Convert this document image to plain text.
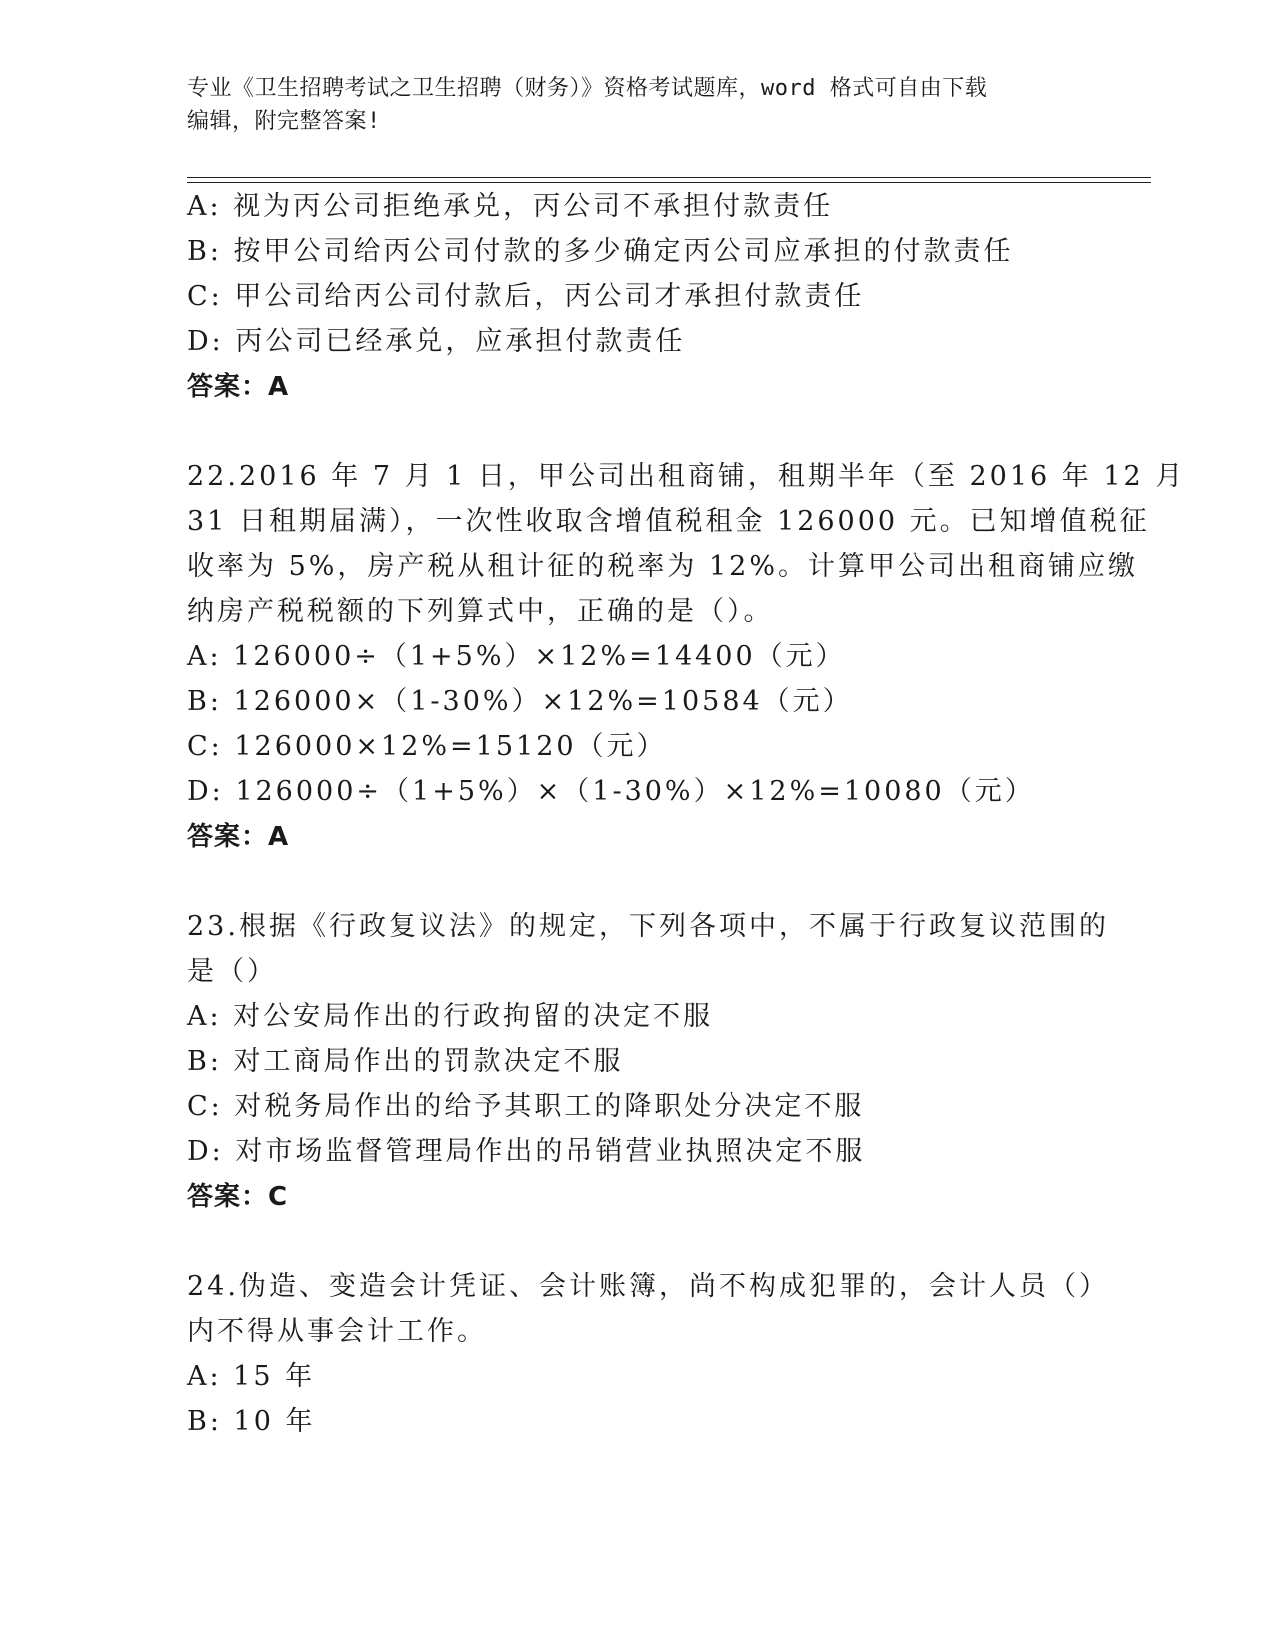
专业《卫生招聘考试之卫生招聘（财务）》资格考试题库，word 格式可自由下载
编辑，附完整答案!
A: 视为丙公司拒绝承兑，丙公司不承担付款责任
B: 按甲公司给丙公司付款的多少确定丙公司应承担的付款责任
C: 甲公司给丙公司付款后，丙公司才承担付款责任
D: 丙公司已经承兑，应承担付款责任
答案：A
22.2016 年 7 月 1 日，甲公司出租商铺，租期半年（至 2016 年 12 月
31 日租期届满），一次性收取含增值税租金 126000 元。已知增值税征
收率为 5%，房产税从租计征的税率为 12%。计算甲公司出租商铺应缴
纳房产税税额的下列算式中，正确的是（）。
A: 126000÷（1+5%）×12%=14400（元）
B: 126000×（1-30%）×12%=10584（元）
C: 126000×12%=15120（元）
D: 126000÷（1+5%）×（1-30%）×12%=10080（元）
答案：A
23.根据《行政复议法》的规定，下列各项中，不属于行政复议范围的
是（）
A: 对公安局作出的行政拘留的决定不服
B: 对工商局作出的罚款决定不服
C: 对税务局作出的给予其职工的降职处分决定不服
D: 对市场监督管理局作出的吊销营业执照决定不服
答案：C
24.伪造、变造会计凭证、会计账簿，尚不构成犯罪的，会计人员（）
内不得从事会计工作。
A: 15 年
B: 10 年
